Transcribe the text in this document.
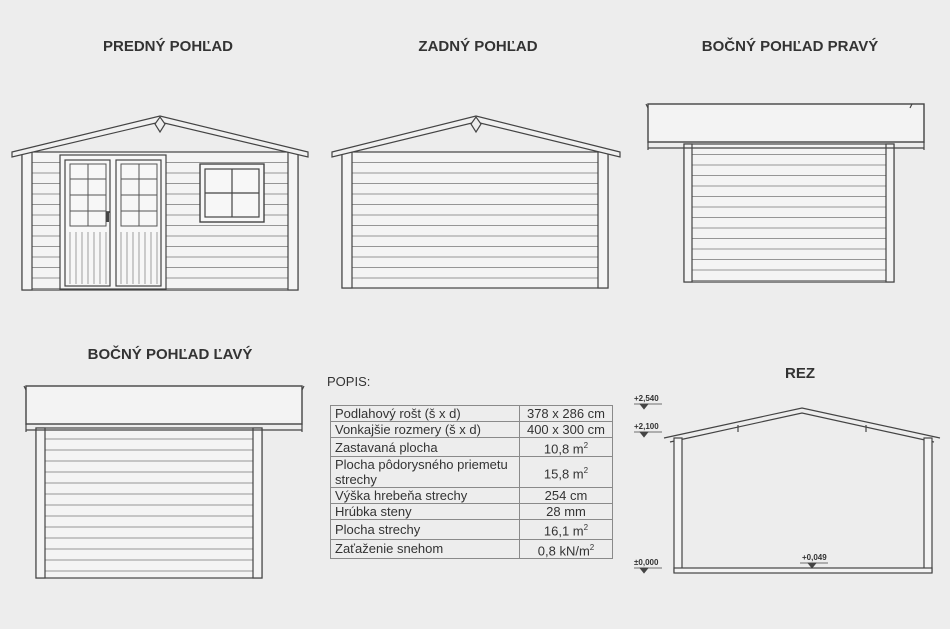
PREDNÝ POHĽAD	ZADNÝ POHĽAD	BOČNÝ POHĽAD PRAVÝ
BOČNÝ POHĽAD ĽAVÝ
REZ
+2,540
+2,100
±0,000
+0,049
POPIS:
Podlahový rošt (š x d)	378 x 286 cm
Vonkajšie rozmery (š x d)	400 x 300 cm
Zastavaná plocha	10,8 $m^2$
Plocha pôdorysného priemetu strechy	15,8 $m^2$
Výška hrebeňa strechy	254 cm
Hrúbka steny	28 mm
Plocha strechy	16,1 $m^2$
Zaťaženie snehom	0,8 $kN/m^2$
